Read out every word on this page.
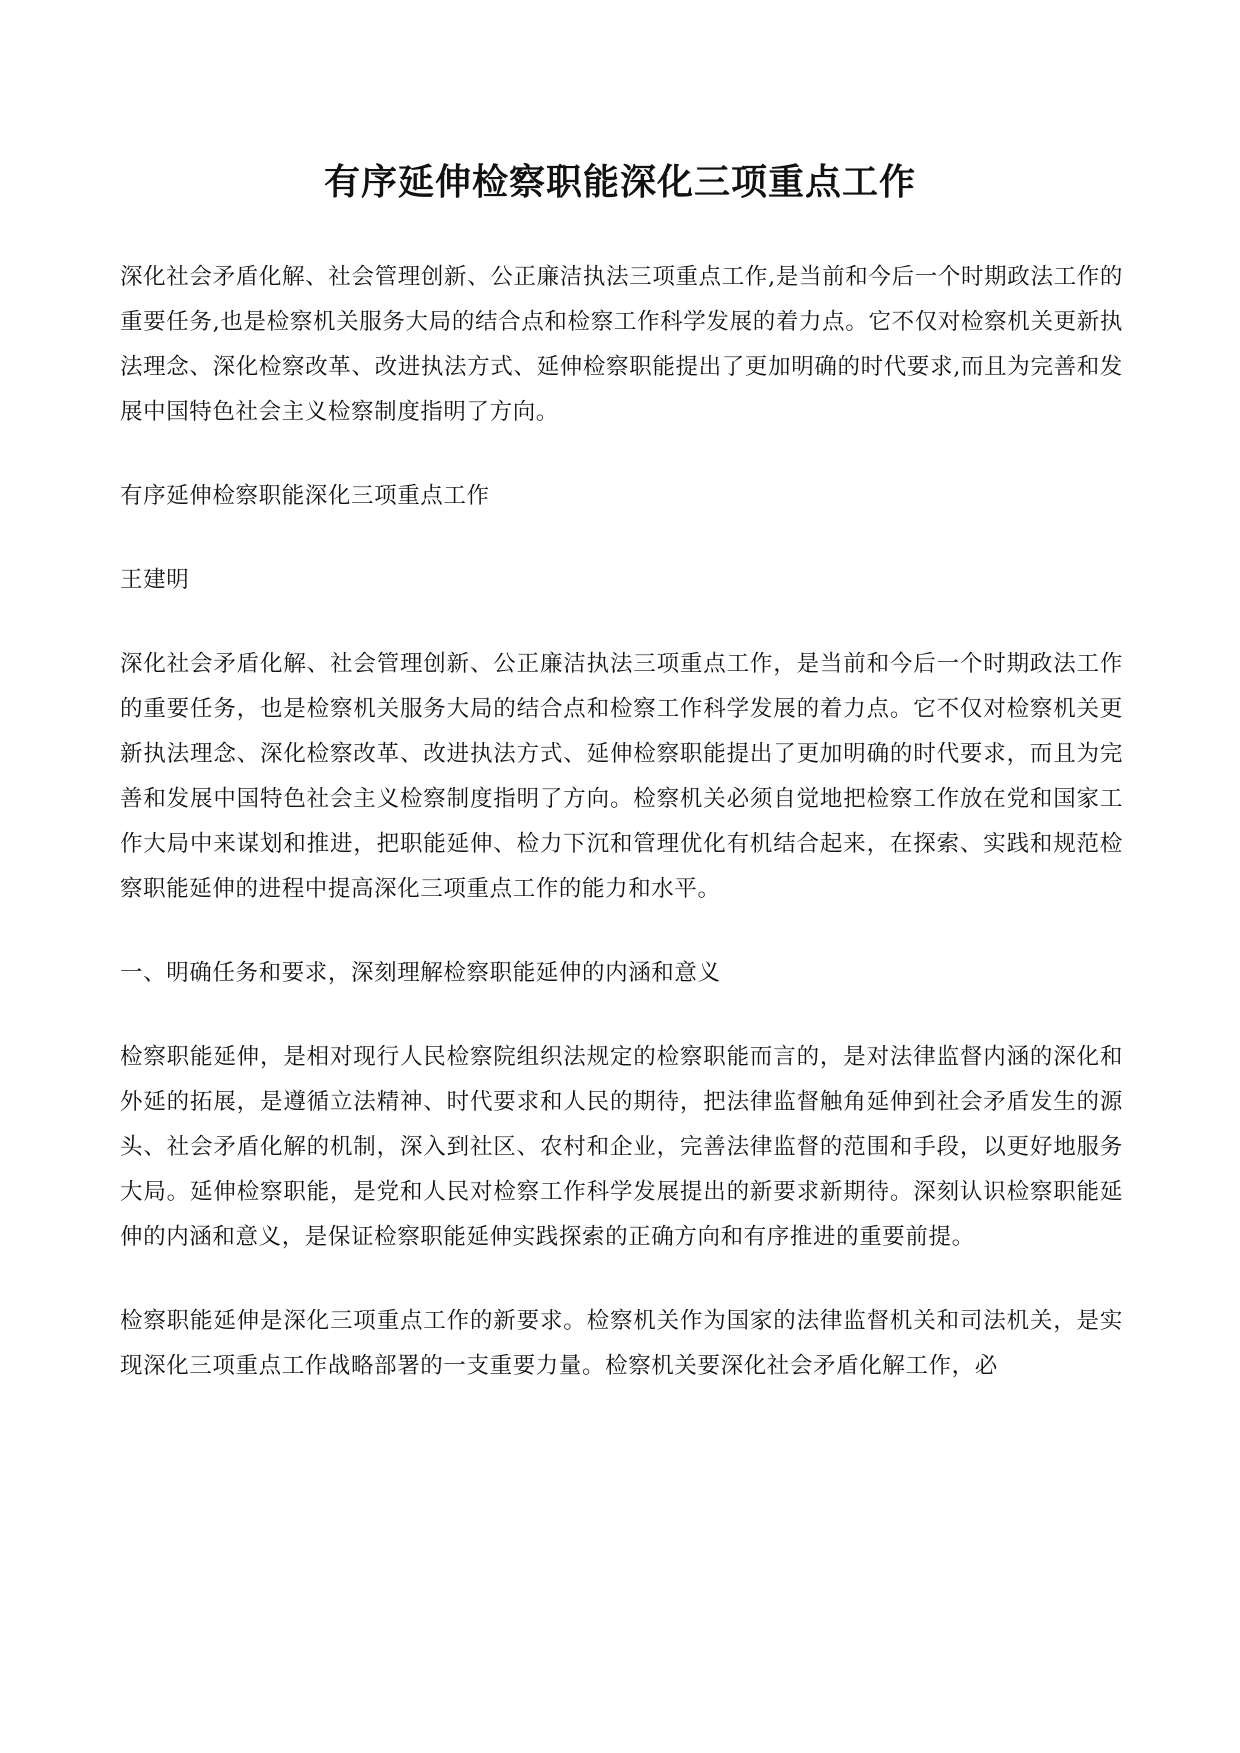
有序延伸检察职能深化三项重点工作

深化社会矛盾化解、社会管理创新、公正廉洁执法三项重点工作,是当前和今后一个时期政法工作的重要任务,也是检察机关服务大局的结合点和检察工作科学发展的着力点。它不仅对检察机关更新执法理念、深化检察改革、改进执法方式、延伸检察职能提出了更加明确的时代要求,而且为完善和发展中国特色社会主义检察制度指明了方向。

有序延伸检察职能深化三项重点工作

王建明

深化社会矛盾化解、社会管理创新、公正廉洁执法三项重点工作，是当前和今后一个时期政法工作的重要任务，也是检察机关服务大局的结合点和检察工作科学发展的着力点。它不仅对检察机关更新执法理念、深化检察改革、改进执法方式、延伸检察职能提出了更加明确的时代要求，而且为完善和发展中国特色社会主义检察制度指明了方向。检察机关必须自觉地把检察工作放在党和国家工作大局中来谋划和推进，把职能延伸、检力下沉和管理优化有机结合起来，在探索、实践和规范检察职能延伸的进程中提高深化三项重点工作的能力和水平。

一、明确任务和要求，深刻理解检察职能延伸的内涵和意义

检察职能延伸，是相对现行人民检察院组织法规定的检察职能而言的，是对法律监督内涵的深化和外延的拓展，是遵循立法精神、时代要求和人民的期待，把法律监督触角延伸到社会矛盾发生的源头、社会矛盾化解的机制，深入到社区、农村和企业，完善法律监督的范围和手段，以更好地服务大局。延伸检察职能，是党和人民对检察工作科学发展提出的新要求新期待。深刻认识检察职能延伸的内涵和意义，是保证检察职能延伸实践探索的正确方向和有序推进的重要前提。

检察职能延伸是深化三项重点工作的新要求。检察机关作为国家的法律监督机关和司法机关，是实现深化三项重点工作战略部署的一支重要力量。检察机关要深化社会矛盾化解工作，必
